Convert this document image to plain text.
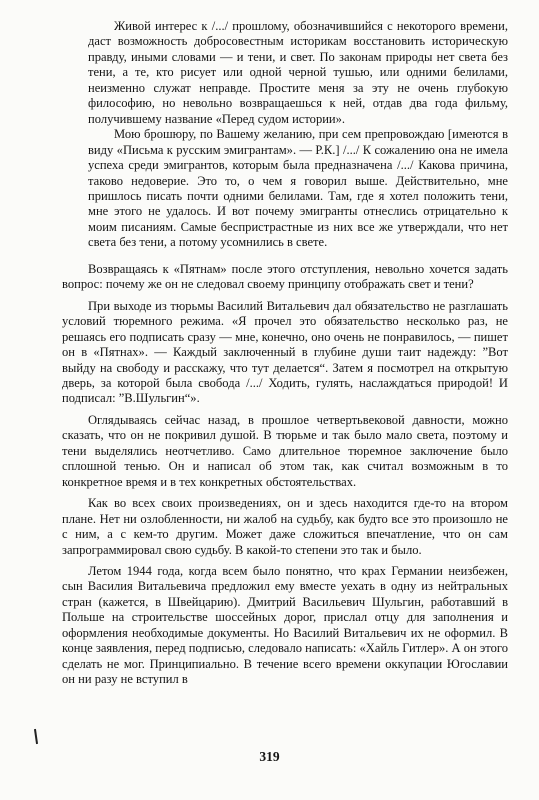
Живой интерес к /.../ прошлому, обозначившийся с некоторого времени, даст возможность добросовестным историкам восстановить историческую правду, иными словами — и тени, и свет. По законам природы нет света без тени, а те, кто рисует или одной черной тушью, или одними белилами, неизменно служат неправде. Простите меня за эту не очень глубокую философию, но невольно возвращаешься к ней, отдав два года фильму, получившему название «Перед судом истории».

Мою брошюру, по Вашему желанию, при сем препровождаю [имеются в виду «Письма к русским эмигрантам». — Р.К.] /.../ К сожалению она не имела успеха среди эмигрантов, которым была предназначена /.../ Какова причина, таково недоверие. Это то, о чем я говорил выше. Действительно, мне пришлось писать почти одними белилами. Там, где я хотел положить тени, мне этого не удалось. И вот почему эмигранты отнеслись отрицательно к моим писаниям. Самые беспристрастные из них все же утверждали, что нет света без тени, а потому усомнились в свете.

Возвращаясь к «Пятнам» после этого отступления, невольно хочется задать вопрос: почему же он не следовал своему принципу отображать свет и тени?

При выходе из тюрьмы Василий Витальевич дал обязательство не разглашать условий тюремного режима. «Я прочел это обязательство несколько раз, не решаясь его подписать сразу — мне, конечно, оно очень не понравилось, — пишет он в «Пятнах». — Каждый заключенный в глубине души таит надежду: ”Вот выйду на свободу и расскажу, что тут делается“. Затем я посмотрел на открытую дверь, за которой была свобода /.../ Ходить, гулять, наслаждаться природой! И подписал: ”В.Шульгин“».

Оглядываясь сейчас назад, в прошлое четвертьвековой давности, можно сказать, что он не покривил душой. В тюрьме и так было мало света, поэтому и тени выделялись неотчетливо. Само длительное тюремное заключение было сплошной тенью. Он и написал об этом так, как считал возможным в то конкретное время и в тех конкретных обстоятельствах.

Как во всех своих произведениях, он и здесь находится где-то на втором плане. Нет ни озлобленности, ни жалоб на судьбу, как будто все это произошло не с ним, а с кем-то другим. Может даже сложиться впечатление, что он сам запрограммировал свою судьбу. В какой-то степени это так и было.

Летом 1944 года, когда всем было понятно, что крах Германии неизбежен, сын Василия Витальевича предложил ему вместе уехать в одну из нейтральных стран (кажется, в Швейцарию). Дмитрий Васильевич Шульгин, работавший в Польше на строительстве шоссейных дорог, прислал отцу для заполнения и оформления необходимые документы. Но Василий Витальевич их не оформил. В конце заявления, перед подписью, следовало написать: «Хайль Гитлер». А он этого сделать не мог. Принципиально. В течение всего времени оккупации Югославии он ни разу не вступил в

319
